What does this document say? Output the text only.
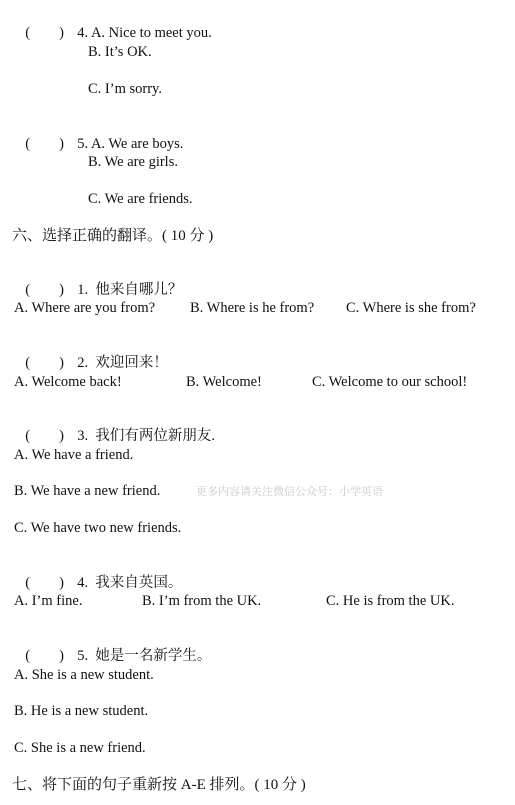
(        ) 4. A. Nice to meet you.

B. It’s OK.
C. I’m sorry.

(        ) 5. A. We are boys.

B. We are girls.
C. We are friends.
六、选择正确的翻译。( 10 分 )

(        ) 1.  他来自哪儿？

A. Where are you from? B. Where is he from? C. Where is she from?

(        ) 2.  欢迎回来！

A. Welcome back!	B. Welcome!	C. Welcome to our school!

(        ) 3.  我们有两位新朋友.

A. We have a friend.
B. We have a new friend.	更多内容请关注微信公众号：小学英语
C. We have two new friends.

(        ) 4.  我来自英国。

A. I’m fine.	B. I’m from the UK.	C. He is from the UK.

(        ) 5.  她是一名新学生。

A. She is a new student.
B. He is a new student.
C. She is a new friend.
七、将下面的句子重新按 A-E 排列。( 10 分 )
